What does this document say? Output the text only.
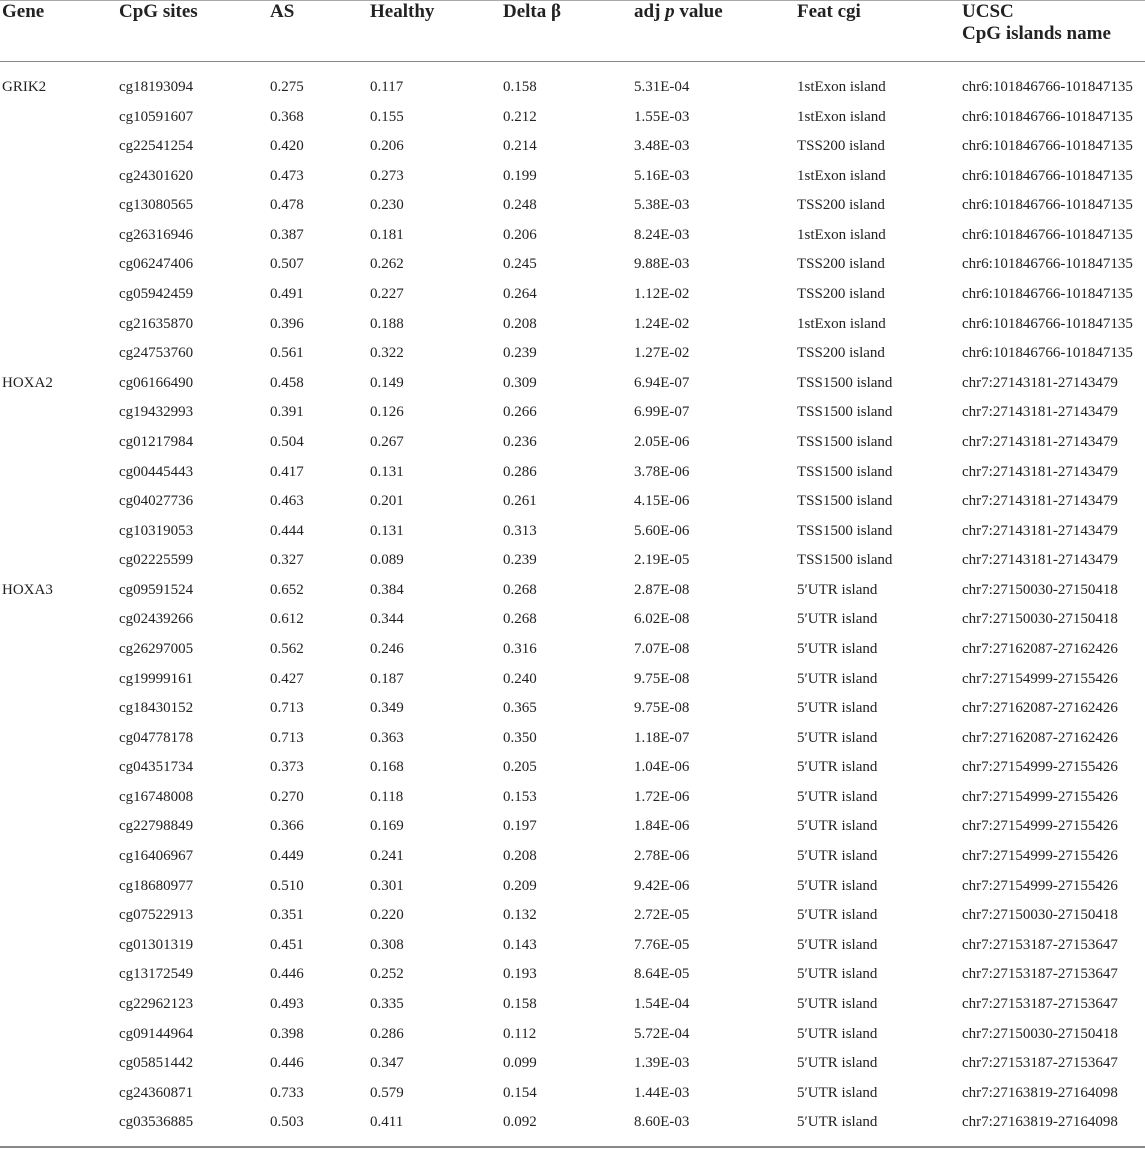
Gene	CpG sites	AS	Healthy	Delta β	adj p value	Feat cgi	UCSC
CpG islands name
GRIK2	cg18193094	0.275	0.117	0.158	5.31E-04	1stExon island	chr6:101846766-101847135
cg10591607	0.368	0.155	0.212	1.55E-03	1stExon island	chr6:101846766-101847135
cg22541254	0.420	0.206	0.214	3.48E-03	TSS200 island	chr6:101846766-101847135
cg24301620	0.473	0.273	0.199	5.16E-03	1stExon island	chr6:101846766-101847135
cg13080565	0.478	0.230	0.248	5.38E-03	TSS200 island	chr6:101846766-101847135
cg26316946	0.387	0.181	0.206	8.24E-03	1stExon island	chr6:101846766-101847135
cg06247406	0.507	0.262	0.245	9.88E-03	TSS200 island	chr6:101846766-101847135
cg05942459	0.491	0.227	0.264	1.12E-02	TSS200 island	chr6:101846766-101847135
cg21635870	0.396	0.188	0.208	1.24E-02	1stExon island	chr6:101846766-101847135
cg24753760	0.561	0.322	0.239	1.27E-02	TSS200 island	chr6:101846766-101847135
HOXA2	cg06166490	0.458	0.149	0.309	6.94E-07	TSS1500 island	chr7:27143181-27143479
cg19432993	0.391	0.126	0.266	6.99E-07	TSS1500 island	chr7:27143181-27143479
cg01217984	0.504	0.267	0.236	2.05E-06	TSS1500 island	chr7:27143181-27143479
cg00445443	0.417	0.131	0.286	3.78E-06	TSS1500 island	chr7:27143181-27143479
cg04027736	0.463	0.201	0.261	4.15E-06	TSS1500 island	chr7:27143181-27143479
cg10319053	0.444	0.131	0.313	5.60E-06	TSS1500 island	chr7:27143181-27143479
cg02225599	0.327	0.089	0.239	2.19E-05	TSS1500 island	chr7:27143181-27143479
HOXA3	cg09591524	0.652	0.384	0.268	2.87E-08	5′UTR island	chr7:27150030-27150418
cg02439266	0.612	0.344	0.268	6.02E-08	5′UTR island	chr7:27150030-27150418
cg26297005	0.562	0.246	0.316	7.07E-08	5′UTR island	chr7:27162087-27162426
cg19999161	0.427	0.187	0.240	9.75E-08	5′UTR island	chr7:27154999-27155426
cg18430152	0.713	0.349	0.365	9.75E-08	5′UTR island	chr7:27162087-27162426
cg04778178	0.713	0.363	0.350	1.18E-07	5′UTR island	chr7:27162087-27162426
cg04351734	0.373	0.168	0.205	1.04E-06	5′UTR island	chr7:27154999-27155426
cg16748008	0.270	0.118	0.153	1.72E-06	5′UTR island	chr7:27154999-27155426
cg22798849	0.366	0.169	0.197	1.84E-06	5′UTR island	chr7:27154999-27155426
cg16406967	0.449	0.241	0.208	2.78E-06	5′UTR island	chr7:27154999-27155426
cg18680977	0.510	0.301	0.209	9.42E-06	5′UTR island	chr7:27154999-27155426
cg07522913	0.351	0.220	0.132	2.72E-05	5′UTR island	chr7:27150030-27150418
cg01301319	0.451	0.308	0.143	7.76E-05	5′UTR island	chr7:27153187-27153647
cg13172549	0.446	0.252	0.193	8.64E-05	5′UTR island	chr7:27153187-27153647
cg22962123	0.493	0.335	0.158	1.54E-04	5′UTR island	chr7:27153187-27153647
cg09144964	0.398	0.286	0.112	5.72E-04	5′UTR island	chr7:27150030-27150418
cg05851442	0.446	0.347	0.099	1.39E-03	5′UTR island	chr7:27153187-27153647
cg24360871	0.733	0.579	0.154	1.44E-03	5′UTR island	chr7:27163819-27164098
cg03536885	0.503	0.411	0.092	8.60E-03	5′UTR island	chr7:27163819-27164098
